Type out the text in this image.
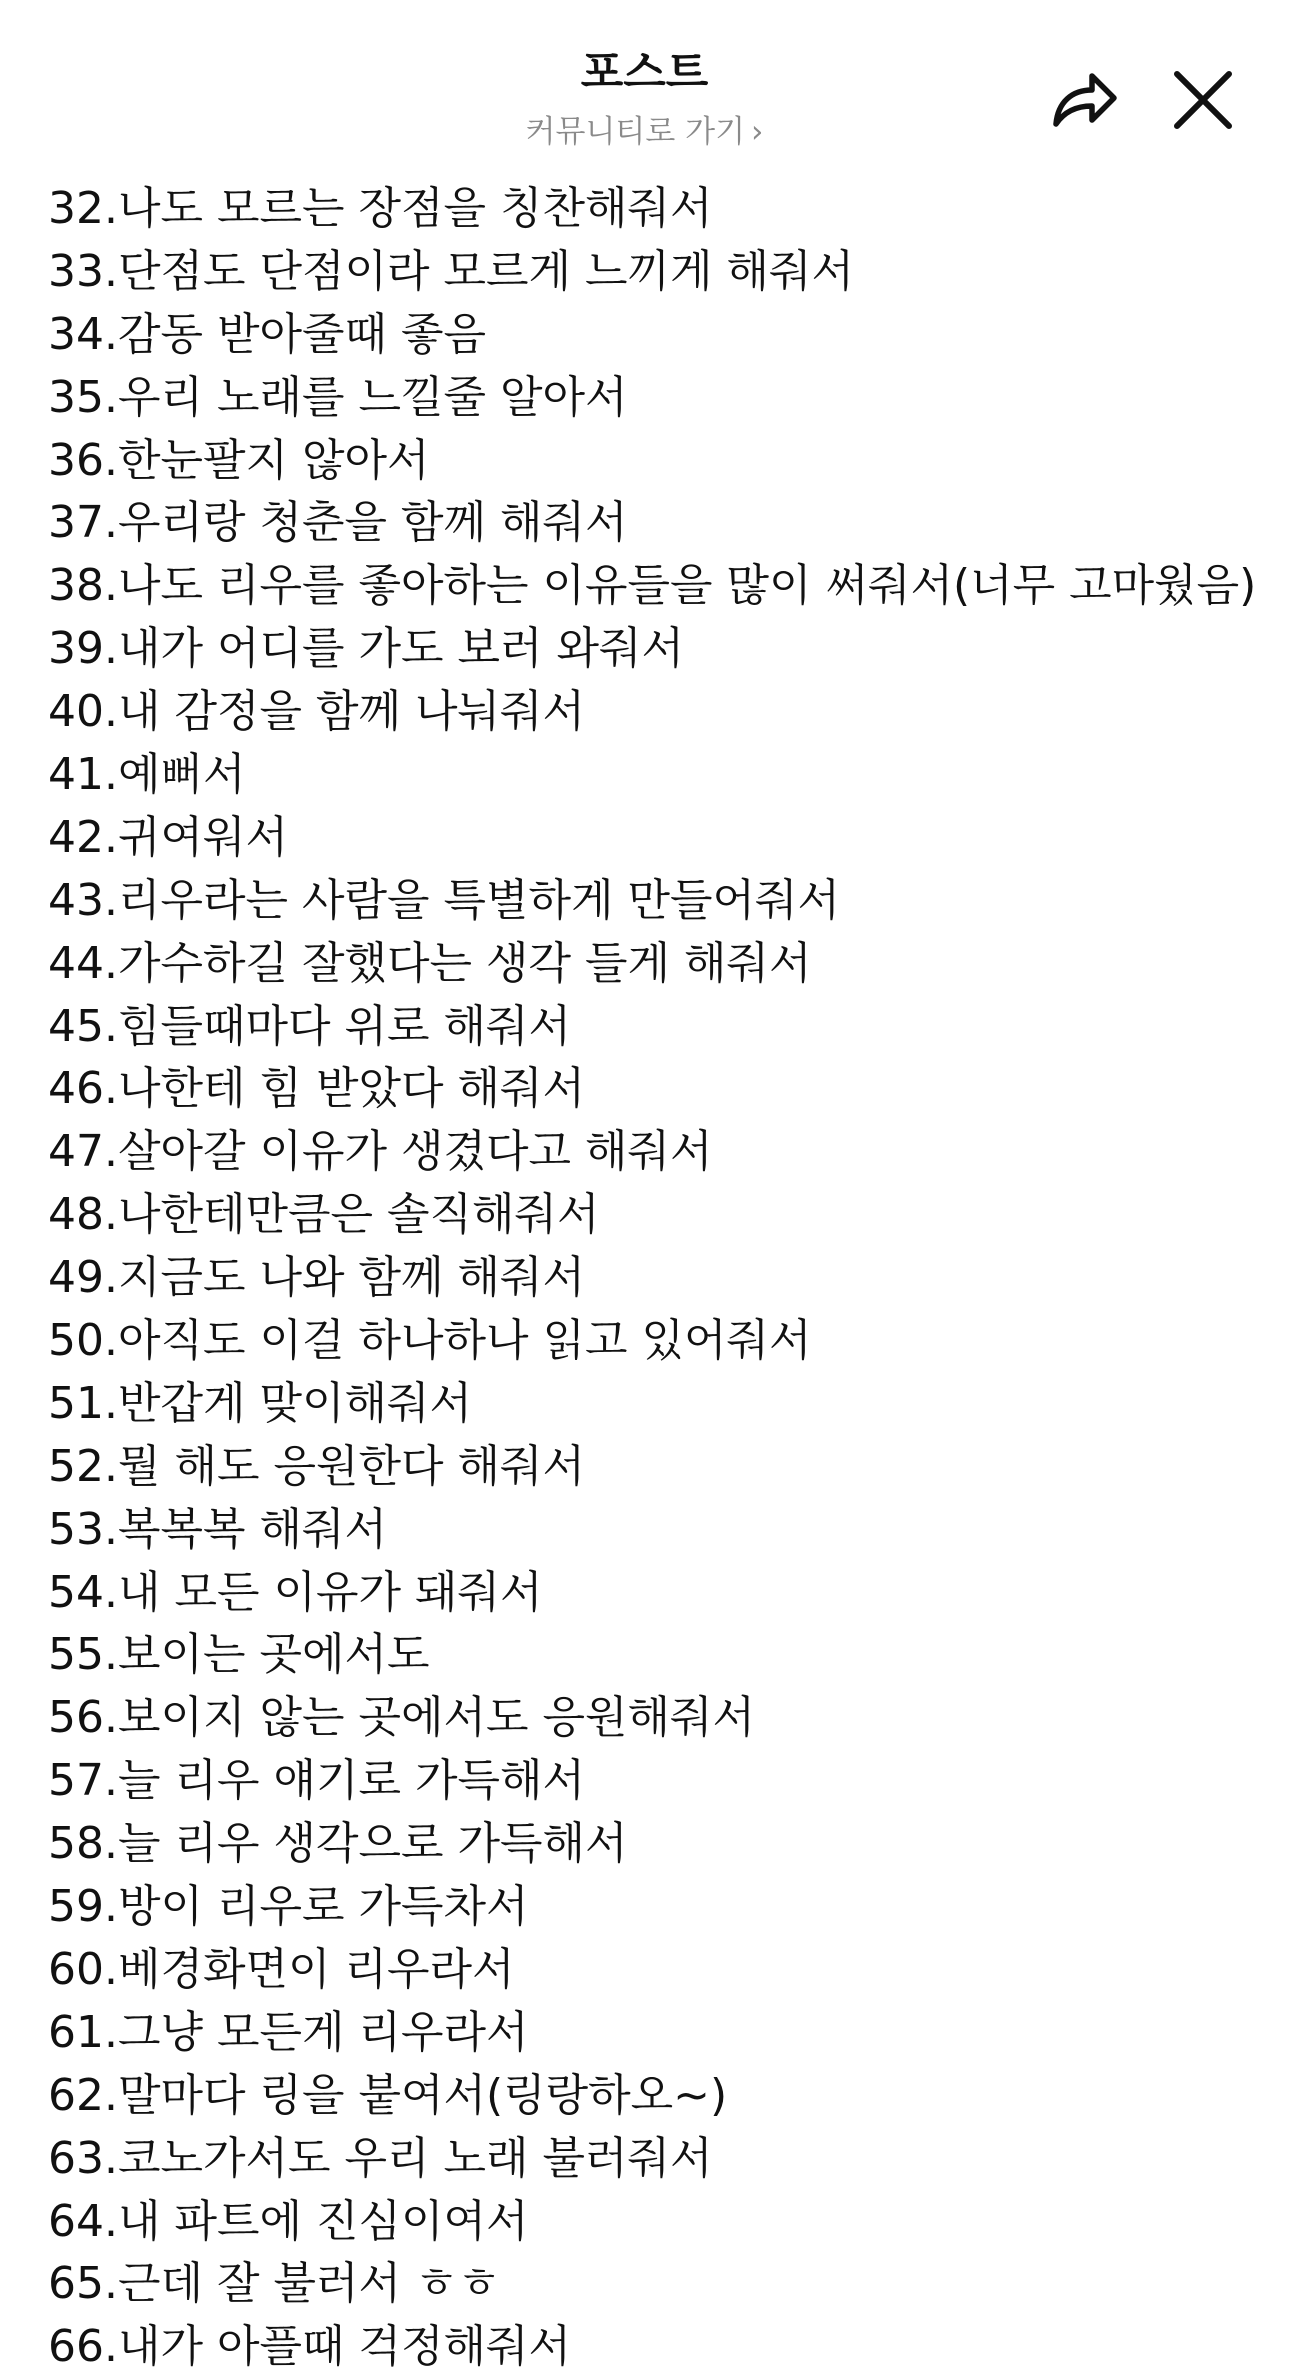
포스트
커뮤니티로 가기 ›
32.나도 모르는 장점을 칭찬해줘서
33.단점도 단점이라 모르게 느끼게 해줘서
34.감동 받아줄때 좋음
35.우리 노래를 느낄줄 알아서
36.한눈팔지 않아서
37.우리랑 청춘을 함께 해줘서
38.나도 리우를 좋아하는 이유들을 많이 써줘서(너무 고마웠음)
39.내가 어디를 가도 보러 와줘서
40.내 감정을 함께 나눠줘서
41.예뻐서
42.귀여워서
43.리우라는 사람을 특별하게 만들어줘서
44.가수하길 잘했다는 생각 들게 해줘서
45.힘들때마다 위로 해줘서
46.나한테 힘 받았다 해줘서
47.살아갈 이유가 생겼다고 해줘서
48.나한테만큼은 솔직해줘서
49.지금도 나와 함께 해줘서
50.아직도 이걸 하나하나 읽고 있어줘서
51.반갑게 맞이해줘서
52.뭘 해도 응원한다 해줘서
53.복복복 해줘서
54.내 모든 이유가 돼줘서
55.보이는 곳에서도
56.보이지 않는 곳에서도 응원해줘서
57.늘 리우 얘기로 가득해서
58.늘 리우 생각으로 가득해서
59.방이 리우로 가득차서
60.베경화면이 리우라서
61.그냥 모든게 리우라서
62.말마다 링을 붙여서(링랑하오~)
63.코노가서도 우리 노래 불러줘서
64.내 파트에 진심이여서
65.근데 잘 불러서 ㅎㅎ
66.내가 아플때 걱정해줘서
